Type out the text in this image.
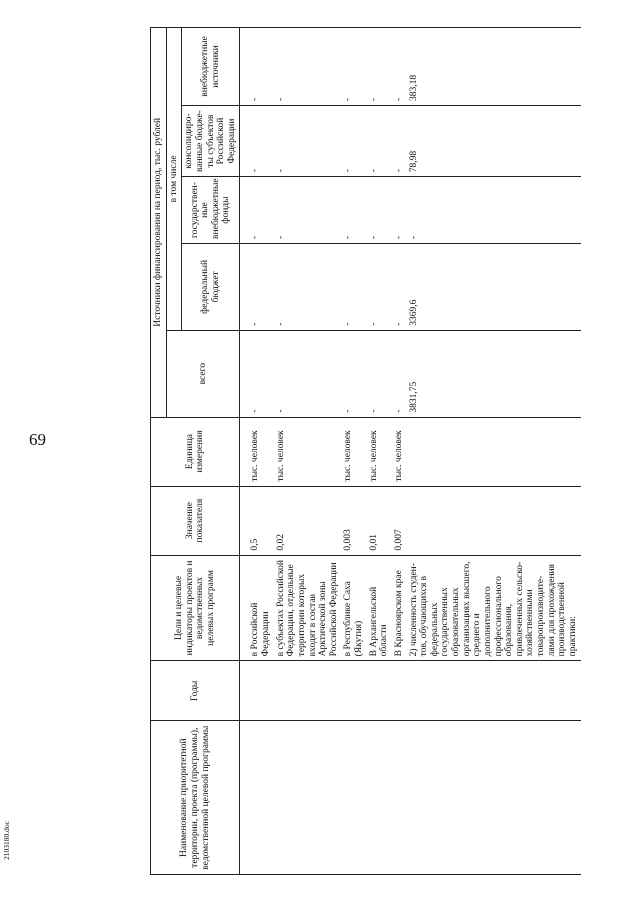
69
2103180.doc	Наименование приоритетной территории, проекта (программы), ведомственной целевой программы	Годы	Цели и целевые индикаторы проектов и ведомственных целевых программ	Значение показателя	Единица измерения	Источники финансирования на период, тыс. рублей				
					всего	в том числе			
						федеральный бюджет	государствен-ные внебюджетные фонды	консолидиро-ванные бюдже-ты субъектов Российской Федерации	внебюджетные источники

		в Российской Федерации	0,5	тыс. человек	-	-	-	-	-
		в субъектах Российской Федерации, отдельные территории которых входят в состав Арктической зоны Российской Федерации	0,02	тыс. человек	-	-	-	-	-
		в Республике Саха (Якутия)	0,003	тыс. человек	-	-	-	-	-
		В Архангельской области	0,01	тыс. человек	-	-	-	-	-
		В Красноярском крае	0,007	тыс. человек	-	-	-	-	-
		2) численность студен-тов, обучающихся в федеральных государственных образовательных организациях высшего, среднего и дополнительного профессионального образования, привлеченных сельско-хозяйственными товаропроизводите-лями для прохождения производственной практики:			3831,75	3369,6	-	78,98	383,18
